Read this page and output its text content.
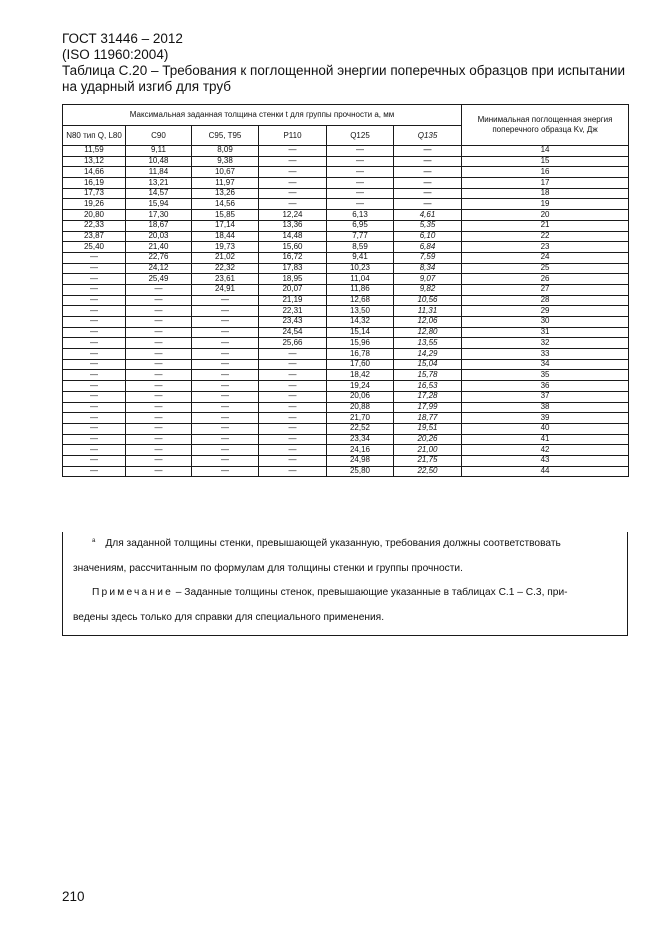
ГОСТ 31446 – 2012
(ISO 11960:2004)
Таблица С.20 – Требования к поглощенной энергии поперечных образцов при испытании
на ударный изгиб для труб
Максимальная заданная толщина стенки t для группы прочности a, мм						Минимальная поглощенная энергия поперечного образца Kv, Дж
N80 тип Q, L80	C90	C95, T95	P110	Q125	Q135	
11,59	9,11	8,09	—	—	—	14
13,12	10,48	9,38	—	—	—	15
14,66	11,84	10,67	—	—	—	16
16,19	13,21	11,97	—	—	—	17
17,73	14,57	13,26	—	—	—	18
19,26	15,94	14,56	—	—	—	19
20,80	17,30	15,85	12,24	6,13	4,61	20
22,33	18,67	17,14	13,36	6,95	5,35	21
23,87	20,03	18,44	14,48	7,77	6,10	22
25,40	21,40	19,73	15,60	8,59	6,84	23
—	22,76	21,02	16,72	9,41	7,59	24
—	24,12	22,32	17,83	10,23	8,34	25
—	25,49	23,61	18,95	11,04	9,07	26
—	—	24,91	20,07	11,86	9,82	27
—	—	—	21,19	12,68	10,56	28
—	—	—	22,31	13,50	11,31	29
—	—	—	23,43	14,32	12,06	30
—	—	—	24,54	15,14	12,80	31
—	—	—	25,66	15,96	13,55	32
—	—	—	—	16,78	14,29	33
—	—	—	—	17,60	15,04	34
—	—	—	—	18,42	15,78	35
—	—	—	—	19,24	16,53	36
—	—	—	—	20,06	17,28	37
—	—	—	—	20,88	17,99	38
—	—	—	—	21,70	18,77	39
—	—	—	—	22,52	19,51	40
—	—	—	—	23,34	20,26	41
—	—	—	—	24,16	21,00	42
—	—	—	—	24,98	21,75	43
—	—	—	—	25,80	22,50	44
$^a$ Для заданной толщины стенки, превышающей указанную, требования должны соответствовать
значениям, рассчитанным по формулам для толщины стенки и группы прочности.
Примечание – Заданные толщины стенок, превышающие указанные в таблицах С.1 – С.3, при-
ведены здесь только для справки для специального применения.
210
